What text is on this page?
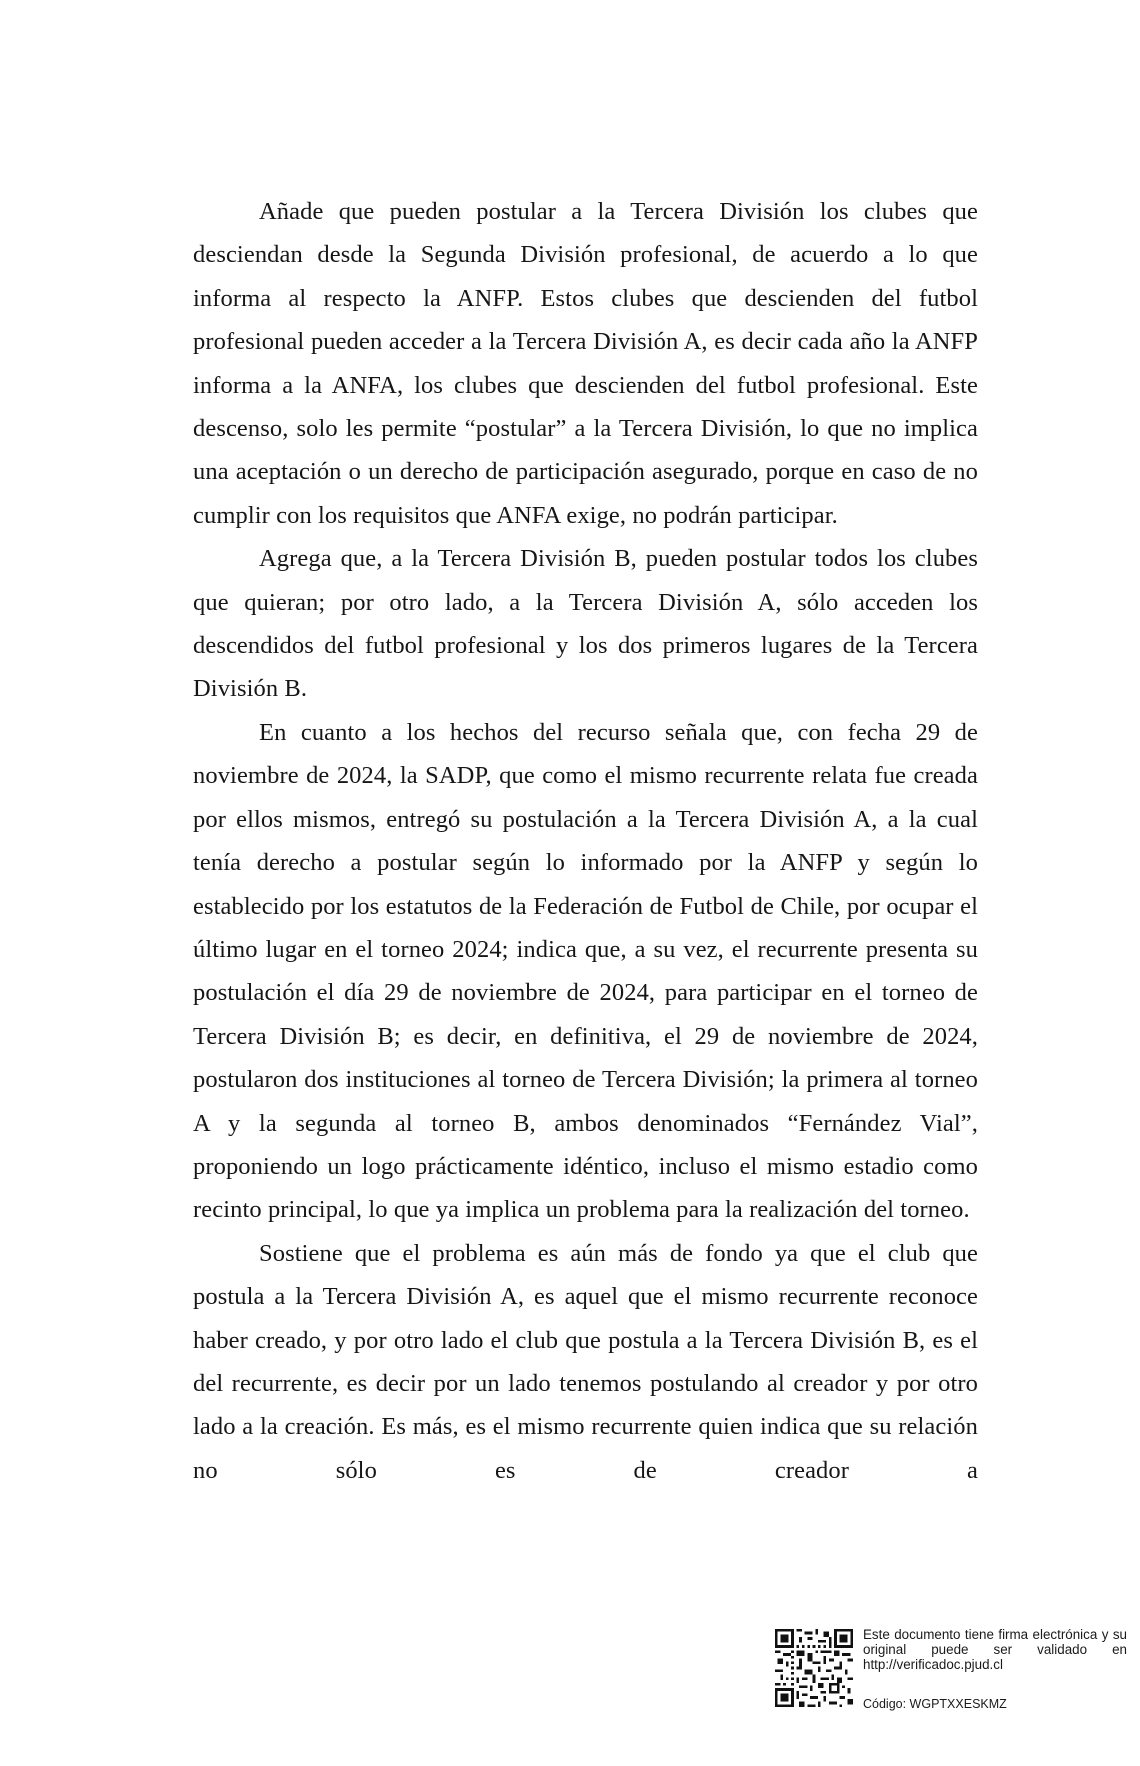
Añade que pueden postular a la Tercera División los clubes que desciendan desde la Segunda División profesional, de acuerdo a lo que informa al respecto la ANFP. Estos clubes que descienden del futbol profesional pueden acceder a la Tercera División A, es decir cada año la ANFP informa a la ANFA, los clubes que descienden del futbol profesional. Este descenso, solo les permite “postular” a la Tercera División, lo que no implica una aceptación o un derecho de participación asegurado, porque en caso de no cumplir con los requisitos que ANFA exige, no podrán participar.

Agrega que, a la Tercera División B, pueden postular todos los clubes que quieran; por otro lado, a la Tercera División A, sólo acceden los descendidos del futbol profesional y los dos primeros lugares de la Tercera División B.

En cuanto a los hechos del recurso señala que, con fecha 29 de noviembre de 2024, la SADP, que como el mismo recurrente relata fue creada por ellos mismos, entregó su postulación a la Tercera División A, a la cual tenía derecho a postular según lo informado por la ANFP y según lo establecido por los estatutos de la Federación de Futbol de Chile, por ocupar el último lugar en el torneo 2024; indica que, a su vez, el recurrente presenta su postulación el día 29 de noviembre de 2024, para participar en el torneo de Tercera División B; es decir, en definitiva, el 29 de noviembre de 2024, postularon dos instituciones al torneo de Tercera División; la primera al torneo A y la segunda al torneo B, ambos denominados “Fernández Vial”, proponiendo un logo prácticamente idéntico, incluso el mismo estadio como recinto principal, lo que ya implica un problema para la realización del torneo.

Sostiene que el problema es aún más de fondo ya que el club que postula a la Tercera División A, es aquel que el mismo recurrente reconoce haber creado, y por otro lado el club que postula a la Tercera División B, es el del recurrente, es decir por un lado tenemos postulando al creador y por otro lado a la creación. Es más, es el mismo recurrente quien indica que su relación no sólo es de creador a

Este documento tiene firma electrónica y su original puede ser validado en http://verificadoc.pjud.cl
Código: WGPTXXESKMZ
